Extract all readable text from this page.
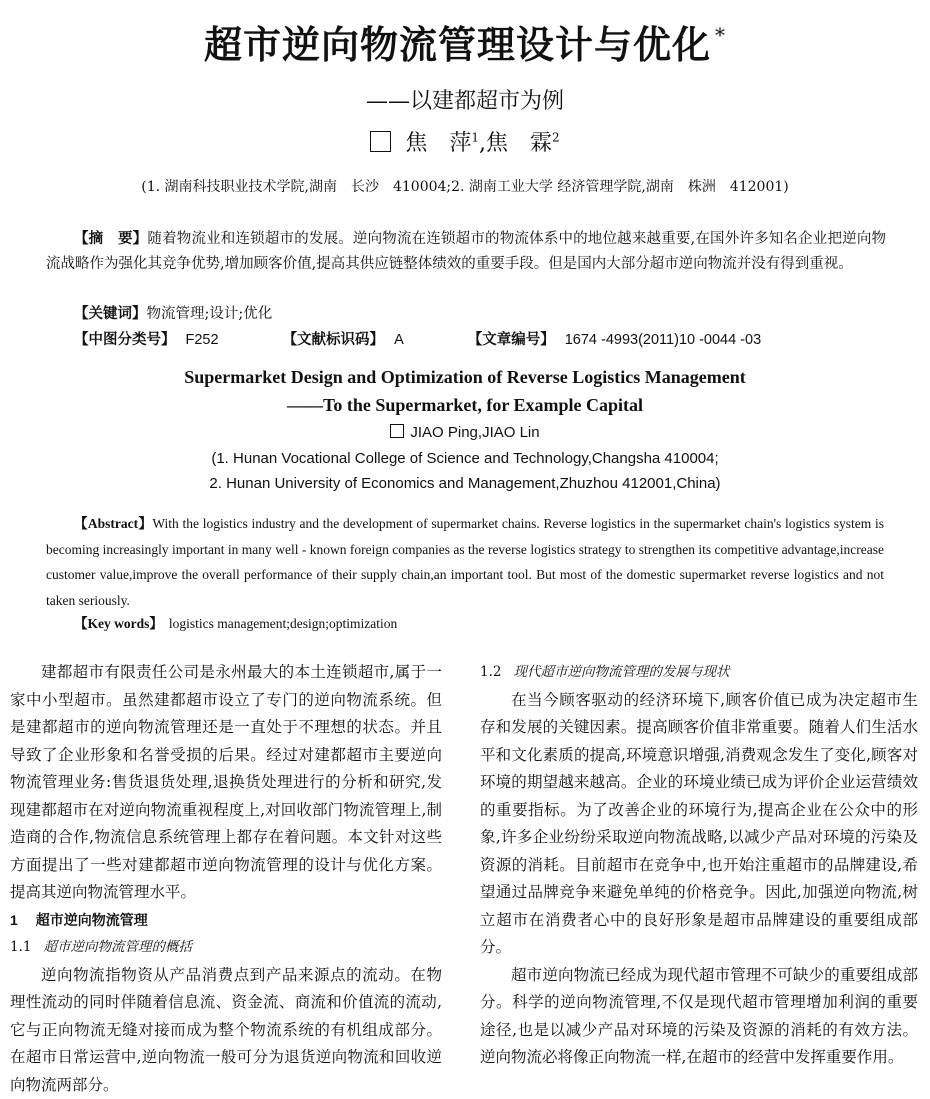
超市逆向物流管理设计与优化 *
——以建都超市为例
焦　萍$^1$,焦　霖$^2$
(1. 湖南科技职业技术学院,湖南　长沙　410004;2. 湖南工业大学 经济管理学院,湖南　株洲　412001)
【摘　要】随着物流业和连锁超市的发展。逆向物流在连锁超市的物流体系中的地位越来越重要,在国外许多知名企业把逆向物流战略作为强化其竞争优势,增加顾客价值,提高其供应链整体绩效的重要手段。但是国内大部分超市逆向物流并没有得到重视。
【关键词】物流管理;设计;优化
【中图分类号】 F252	【文献标识码】 A	【文章编号】 1674 -4993(2011)10 -0044 -03
Supermarket Design and Optimization of Reverse Logistics Management
——To the Supermarket, for Example Capital
JIAO Ping,JIAO Lin
(1. Hunan Vocational College of Science and Technology,Changsha 410004;
2. Hunan University of Economics and Management,Zhuzhou 412001,China)
【Abstract】With the logistics industry and the development of supermarket chains. Reverse logistics in the supermarket chain's logistics system is becoming increasingly important in many well - known foreign companies as the reverse logistics strategy to strengthen its competitive advantage,increase customer value,improve the overall performance of their supply chain,an important tool. But most of the domestic supermarket reverse logistics and not taken seriously.
【Key words】 logistics management;design;optimization

建都超市有限责任公司是永州最大的本土连锁超市,属于一家中小型超市。虽然建都超市设立了专门的逆向物流系统。但是建都超市的逆向物流管理还是一直处于不理想的状态。并且导致了企业形象和名誉受损的后果。经过对建都超市主要逆向物流管理业务:售货退货处理,退换货处理进行的分析和研究,发现建都超市在对逆向物流重视程度上,对回收部门物流管理上,制造商的合作,物流信息系统管理上都存在着问题。本文针对这些方面提出了一些对建都超市逆向物流管理的设计与优化方案。提高其逆向物流管理水平。

1 超市逆向物流管理

1.1 超市逆向物流管理的概括

逆向物流指物资从产品消费点到产品来源点的流动。在物理性流动的同时伴随着信息流、资金流、商流和价值流的流动,它与正向物流无缝对接而成为整个物流系统的有机组成部分。在超市日常运营中,逆向物流一般可分为退货逆向物流和回收逆向物流两部分。

1.2 现代超市逆向物流管理的发展与现状

在当今顾客驱动的经济环境下,顾客价值已成为决定超市生存和发展的关键因素。提高顾客价值非常重要。随着人们生活水平和文化素质的提高,环境意识增强,消费观念发生了变化,顾客对环境的期望越来越高。企业的环境业绩已成为评价企业运营绩效的重要指标。为了改善企业的环境行为,提高企业在公众中的形象,许多企业纷纷采取逆向物流战略,以减少产品对环境的污染及资源的消耗。目前超市在竞争中,也开始注重超市的品牌建设,希望通过品牌竞争来避免单纯的价格竞争。因此,加强逆向物流,树立超市在消费者心中的良好形象是超市品牌建设的重要组成部分。

超市逆向物流已经成为现代超市管理不可缺少的重要组成部分。科学的逆向物流管理,不仅是现代超市管理增加利润的重要途径,也是以减少产品对环境的污染及资源的消耗的有效方法。逆向物流必将像正向物流一样,在超市的经营中发挥重要作用。
